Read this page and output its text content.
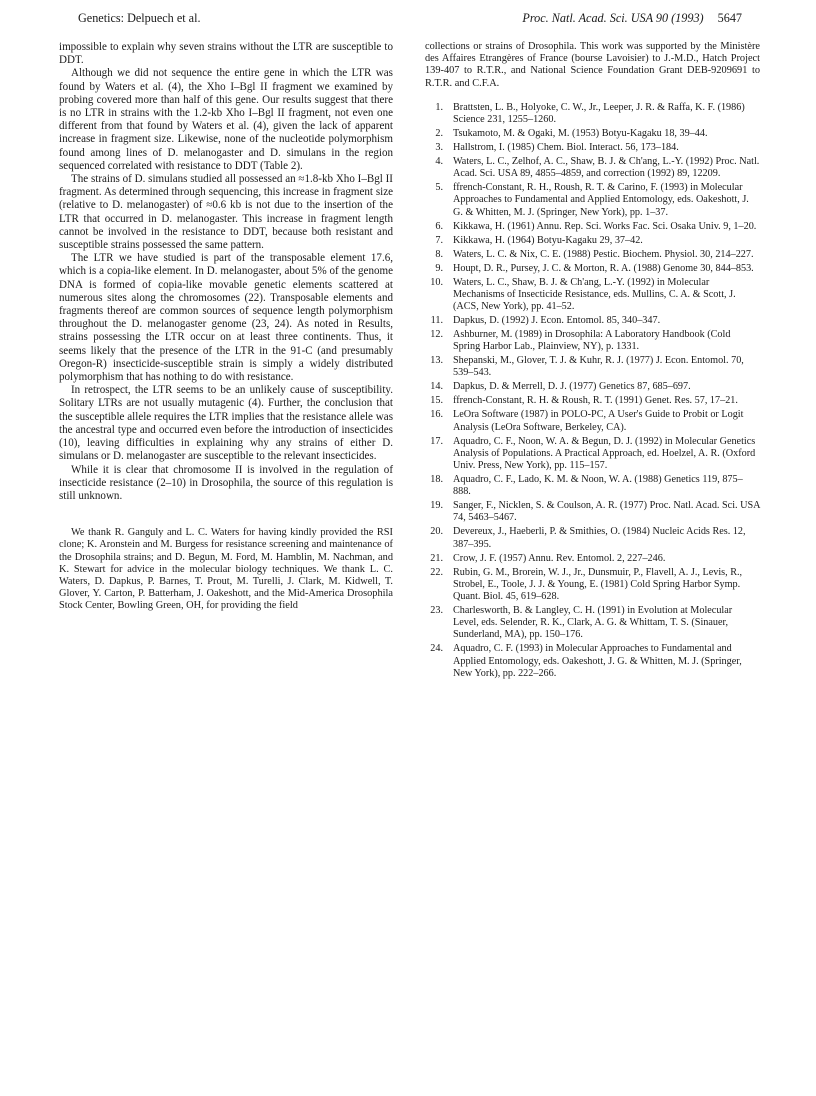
Genetics: Delpuech et al.	Proc. Natl. Acad. Sci. USA 90 (1993) 5647

impossible to explain why seven strains without the LTR are susceptible to DDT.

Although we did not sequence the entire gene in which the LTR was found by Waters et al. (4), the Xho I–Bgl II fragment we examined by probing covered more than half of this gene. Our results suggest that there is no LTR in strains with the 1.2-kb Xho I–Bgl II fragment, not even one different from that found by Waters et al. (4), given the lack of apparent increase in fragment size. Likewise, none of the nucleotide polymorphism found among lines of D. melanogaster and D. simulans in the region sequenced correlated with resistance to DDT (Table 2).

The strains of D. simulans studied all possessed an ≈1.8-kb Xho I–Bgl II fragment. As determined through sequencing, this increase in fragment size (relative to D. melanogaster) of ≈0.6 kb is not due to the insertion of the LTR that occurred in D. melanogaster. This increase in fragment length cannot be involved in the resistance to DDT, because both resistant and susceptible strains possessed the same pattern.

The LTR we have studied is part of the transposable element 17.6, which is a copia-like element. In D. melanogaster, about 5% of the genome DNA is formed of copia-like movable genetic elements scattered at numerous sites along the chromosomes (22). Transposable elements and fragments thereof are common sources of sequence length polymorphism throughout the D. melanogaster genome (23, 24). As noted in Results, strains possessing the LTR occur on at least three continents. Thus, it seems likely that the presence of the LTR in the 91-C (and presumably Oregon-R) insecticide-susceptible strain is simply a widely distributed polymorphism that has nothing to do with resistance.

In retrospect, the LTR seems to be an unlikely cause of susceptibility. Solitary LTRs are not usually mutagenic (4). Further, the conclusion that the susceptible allele requires the LTR implies that the resistance allele was the ancestral type and occurred even before the introduction of insecticides (10), leaving difficulties in explaining why any strains of either D. simulans or D. melanogaster are susceptible to the relevant insecticides.

While it is clear that chromosome II is involved in the regulation of insecticide resistance (2–10) in Drosophila, the source of this regulation is still unknown.

We thank R. Ganguly and L. C. Waters for having kindly provided the RSI clone; K. Aronstein and M. Burgess for resistance screening and maintenance of the Drosophila strains; and D. Begun, M. Ford, M. Hamblin, M. Nachman, and K. Stewart for advice in the molecular biology techniques. We thank L. C. Waters, D. Dapkus, P. Barnes, T. Prout, M. Turelli, J. Clark, M. Kidwell, T. Glover, Y. Carton, P. Batterham, J. Oakeshott, and the Mid-America Drosophila Stock Center, Bowling Green, OH, for providing the field

collections or strains of Drosophila. This work was supported by the Ministère des Affaires Etrangères of France (bourse Lavoisier) to J.-M.D., Hatch Project 139-407 to R.T.R., and National Science Foundation Grant DEB-9209691 to R.T.R. and C.F.A.

1. Brattsten, L. B., Holyoke, C. W., Jr., Leeper, J. R. & Raffa, K. F. (1986) Science 231, 1255–1260.
2. Tsukamoto, M. & Ogaki, M. (1953) Botyu-Kagaku 18, 39–44.
3. Hallstrom, I. (1985) Chem. Biol. Interact. 56, 173–184.
4. Waters, L. C., Zelhof, A. C., Shaw, B. J. & Ch'ang, L.-Y. (1992) Proc. Natl. Acad. Sci. USA 89, 4855–4859, and correction (1992) 89, 12209.
5. ffrench-Constant, R. H., Roush, R. T. & Carino, F. (1993) in Molecular Approaches to Fundamental and Applied Entomology, eds. Oakeshott, J. G. & Whitten, M. J. (Springer, New York), pp. 1–37.
6. Kikkawa, H. (1961) Annu. Rep. Sci. Works Fac. Sci. Osaka Univ. 9, 1–20.
7. Kikkawa, H. (1964) Botyu-Kagaku 29, 37–42.
8. Waters, L. C. & Nix, C. E. (1988) Pestic. Biochem. Physiol. 30, 214–227.
9. Houpt, D. R., Pursey, J. C. & Morton, R. A. (1988) Genome 30, 844–853.
10. Waters, L. C., Shaw, B. J. & Ch'ang, L.-Y. (1992) in Molecular Mechanisms of Insecticide Resistance, eds. Mullins, C. A. & Scott, J. (ACS, New York), pp. 41–52.
11. Dapkus, D. (1992) J. Econ. Entomol. 85, 340–347.
12. Ashburner, M. (1989) in Drosophila: A Laboratory Handbook (Cold Spring Harbor Lab., Plainview, NY), p. 1331.
13. Shepanski, M., Glover, T. J. & Kuhr, R. J. (1977) J. Econ. Entomol. 70, 539–543.
14. Dapkus, D. & Merrell, D. J. (1977) Genetics 87, 685–697.
15. ffrench-Constant, R. H. & Roush, R. T. (1991) Genet. Res. 57, 17–21.
16. LeOra Software (1987) in POLO-PC, A User's Guide to Probit or Logit Analysis (LeOra Software, Berkeley, CA).
17. Aquadro, C. F., Noon, W. A. & Begun, D. J. (1992) in Molecular Genetics Analysis of Populations. A Practical Approach, ed. Hoelzel, A. R. (Oxford Univ. Press, New York), pp. 115–157.
18. Aquadro, C. F., Lado, K. M. & Noon, W. A. (1988) Genetics 119, 875–888.
19. Sanger, F., Nicklen, S. & Coulson, A. R. (1977) Proc. Natl. Acad. Sci. USA 74, 5463–5467.
20. Devereux, J., Haeberli, P. & Smithies, O. (1984) Nucleic Acids Res. 12, 387–395.
21. Crow, J. F. (1957) Annu. Rev. Entomol. 2, 227–246.
22. Rubin, G. M., Brorein, W. J., Jr., Dunsmuir, P., Flavell, A. J., Levis, R., Strobel, E., Toole, J. J. & Young, E. (1981) Cold Spring Harbor Symp. Quant. Biol. 45, 619–628.
23. Charlesworth, B. & Langley, C. H. (1991) in Evolution at Molecular Level, eds. Selender, R. K., Clark, A. G. & Whittam, T. S. (Sinauer, Sunderland, MA), pp. 150–176.
24. Aquadro, C. F. (1993) in Molecular Approaches to Fundamental and Applied Entomology, eds. Oakeshott, J. G. & Whitten, M. J. (Springer, New York), pp. 222–266.
